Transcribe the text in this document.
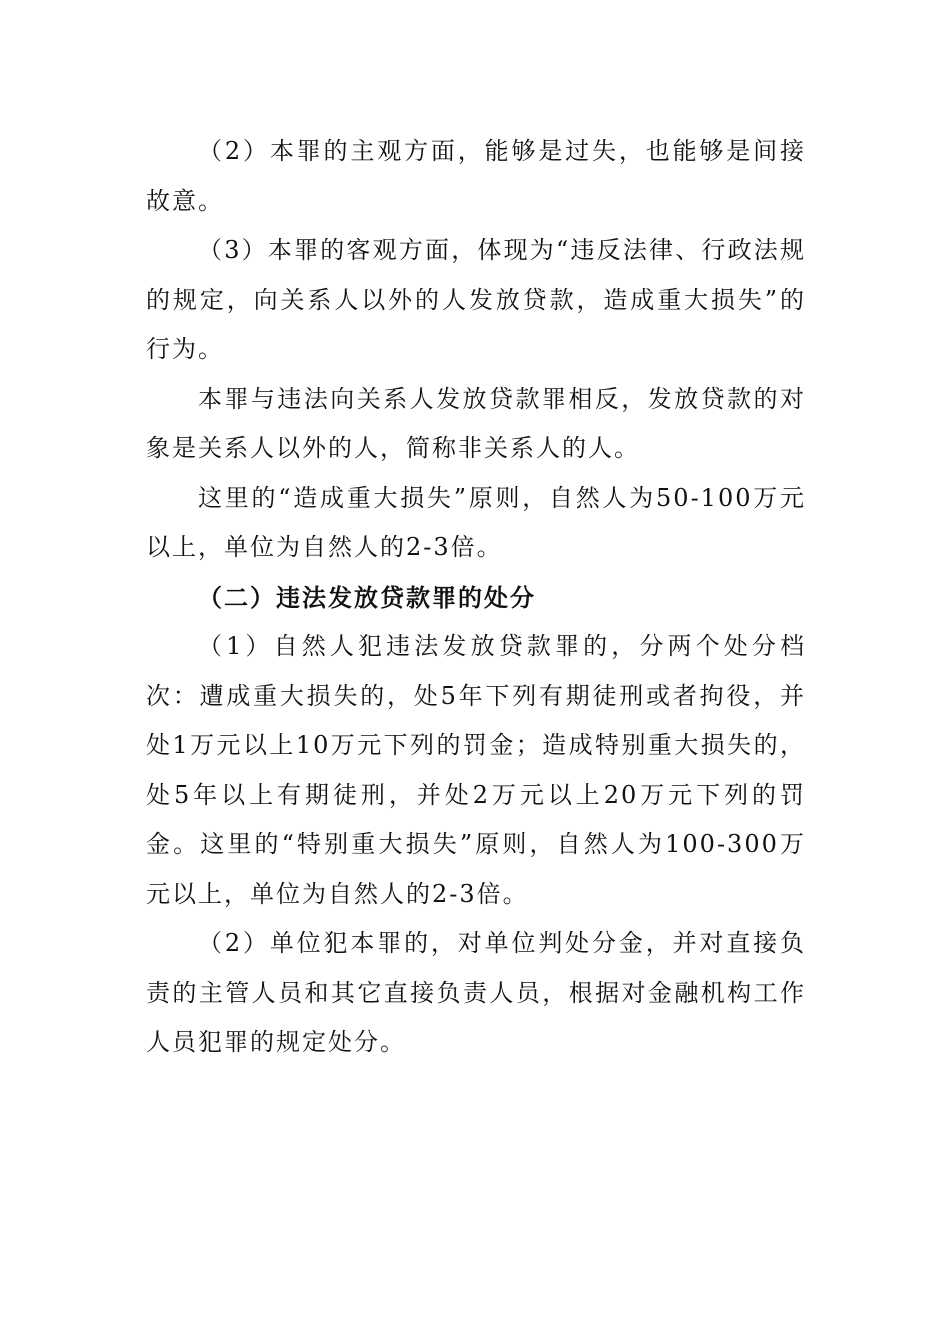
（2）本罪的主观方面，能够是过失，也能够是间接故意。

（3）本罪的客观方面，体现为“违反法律、行政法规的规定，向关系人以外的人发放贷款，造成重大损失”的行为。

本罪与违法向关系人发放贷款罪相反，发放贷款的对象是关系人以外的人，简称非关系人的人。

这里的“造成重大损失”原则，自然人为50-100万元以上，单位为自然人的2-3倍。

（二）违法发放贷款罪的处分

（1）自然人犯违法发放贷款罪的，分两个处分档次：遭成重大损失的，处5年下列有期徒刑或者拘役，并处1万元以上10万元下列的罚金；造成特别重大损失的，处5年以上有期徒刑，并处2万元以上20万元下列的罚金。这里的“特别重大损失”原则，自然人为100-300万元以上，单位为自然人的2-3倍。

（2）单位犯本罪的，对单位判处分金，并对直接负责的主管人员和其它直接负责人员，根据对金融机构工作人员犯罪的规定处分。
